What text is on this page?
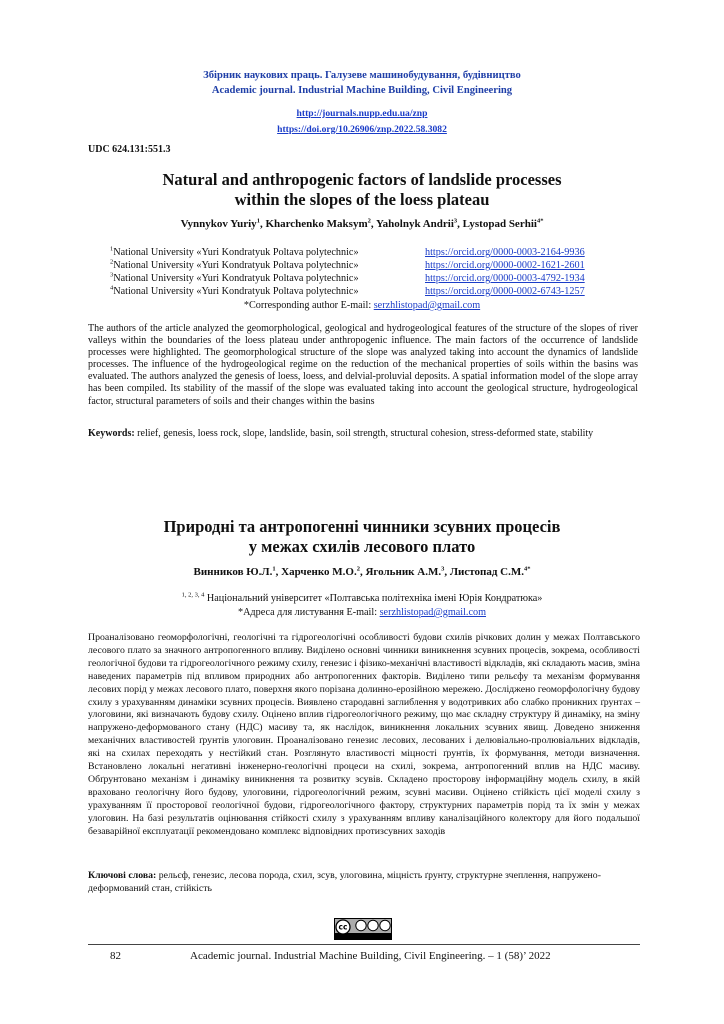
Збірник наукових праць. Галузеве машинобудування, будівництво
Academic journal. Industrial Machine Building, Civil Engineering
http://journals.nupp.edu.ua/znp
https://doi.org/10.26906/znp.2022.58.3082
UDC 624.131:551.3
Natural and anthropogenic factors of landslide processes
within the slopes of the loess plateau
Vynnykov Yuriy$^1$, Kharchenko Maksym$^2$, Yaholnyk Andrii$^3$, Lystopad Serhii$^{4*}$
$^1$National University «Yuri Kondratyuk Poltava polytechnic»	https://orcid.org/0000-0003-2164-9936
$^2$National University «Yuri Kondratyuk Poltava polytechnic»	https://orcid.org/0000-0002-1621-2601
$^3$National University «Yuri Kondratyuk Poltava polytechnic»	https://orcid.org/0000-0003-4792-1934
$^4$National University «Yuri Kondratyuk Poltava polytechnic»	https://orcid.org/0000-0002-6743-1257
*Corresponding author E-mail: serzhlistopad@gmail.com
The authors of the article analyzed the geomorphological, geological and hydrogeological features of the structure of the slopes of river valleys within the boundaries of the loess plateau under anthropogenic influence. The main factors of the occurrence of landslide processes were highlighted. The geomorphological structure of the slope was analyzed taking into account the dynamics of landslide processes. The influence of the hydrogeological regime on the reduction of the mechanical properties of soils within the basins was evaluated. The authors analyzed the genesis of loess, loess, and delvial-proluvial deposits. A spatial information model of the slope array has been compiled. Its stability of the massif of the slope was evaluated taking into account the geological structure, hydrogeological factor, structural parameters of soils and their changes within the basins
Keywords: relief, genesis, loess rock, slope, landslide, basin, soil strength, structural cohesion, stress-deformed state, stability
Природні та антропогенні чинники зсувних процесів
у межах схилів лесового плато
Винников Ю.Л.$^1$, Харченко М.О.$^2$, Ягольник А.М.$^3$, Листопад С.М.$^{4*}$
$^{1, 2, 3, 4}$ Національний університет «Полтавська політехніка імені Юрія Кондратюка»
*Адреса для листування E-mail: serzhlistopad@gmail.com
Проаналізовано геоморфологічні, геологічні та гідрогеологічні особливості будови схилів річкових долин у межах Полтавського лесового плато за значного антропогенного впливу. Виділено основні чинники виникнення зсувних процесів, зокрема, особливості геологічної будови та гідрогеологічного режиму схилу, генезис і фізико-механічні властивості відкладів, які складають масив, зміна наведених параметрів під впливом природних або антропогенних факторів. Виділено типи рельєфу та механізм формування лесових порід у межах лесового плато, поверхня якого порізана долинно-ерозійною мережею. Досліджено геоморфологічну будову схилу з урахуванням динаміки зсувних процесів. Виявлено стародавні заглиблення у водотривких або слабко проникних ґрунтах – улоговини, які визначають будову схилу. Оцінено вплив гідрогеологічного режиму, що має складну структуру й динаміку, на зміну напружено-деформованого стану (НДС) масиву та, як наслідок, виникнення локальних зсувних явищ. Доведено зниження механічних властивостей ґрунтів улоговин. Проаналізовано генезис лесових, лесованих і делювіально-пролювіальних відкладів, які на схилах переходять у нестійкий стан. Розглянуто властивості міцності ґрунтів, їх формування, методи визначення. Встановлено локальні негативні інженерно-геологічні процеси на схилі, зокрема, антропогенний вплив на НДС масиву. Обґрунтовано механізм і динаміку виникнення та розвитку зсувів. Складено просторову інформаційну модель схилу, в якій враховано геологічну його будову, улоговини, гідрогеологічний режим, зсувні масиви. Оцінено стійкість цієї моделі схилу з урахуванням її просторової геологічної будови, гідрогеологічного фактору, структурних параметрів порід та їх змін у межах улоговин. На базі результатів оцінювання стійкості схилу з урахуванням впливу каналізаційного колектору для його подальшої безаварійної експлуатації рекомендовано комплекс відповідних протизсувних заходів
Ключові слова: рельєф, генезис, лесова порода, схил, зсув, улоговина, міцність ґрунту, структурне зчеплення, напружено-деформований стан, стійкість
cc
82	Academic journal. Industrial Machine Building, Civil Engineering. – 1 (58)’ 2022
